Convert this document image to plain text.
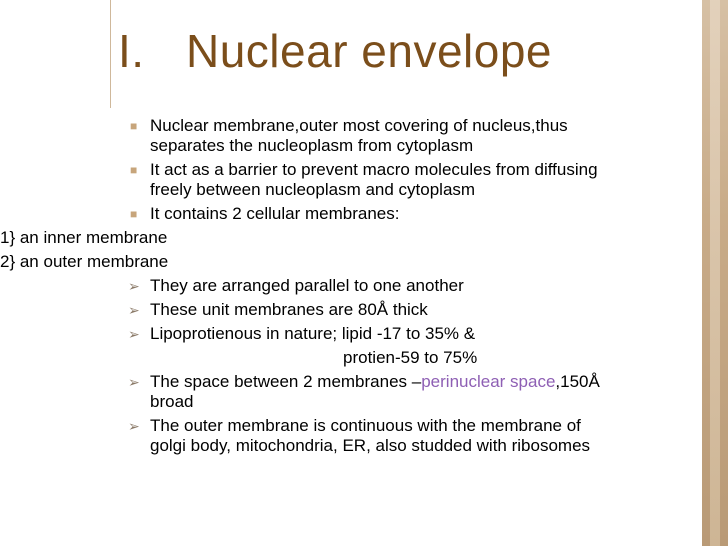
I. Nuclear envelope
■ Nuclear membrane,outer most covering of nucleus,thus
separates the nucleoplasm from cytoplasm
■ It act as a barrier to prevent macro molecules from diffusing
freely between nucleoplasm and cytoplasm
■ It contains 2 cellular membranes:
1} an inner membrane
2} an outer membrane
➢ They are arranged parallel to one another
➢ These unit membranes are 80Å thick
➢ Lipoprotienous in nature; lipid -17 to 35% &
protien-59 to 75%
➢ The space between 2 membranes –perinuclear space,150Å
broad
➢ The outer membrane is continuous with the membrane of
golgi body, mitochondria, ER, also studded with ribosomes
